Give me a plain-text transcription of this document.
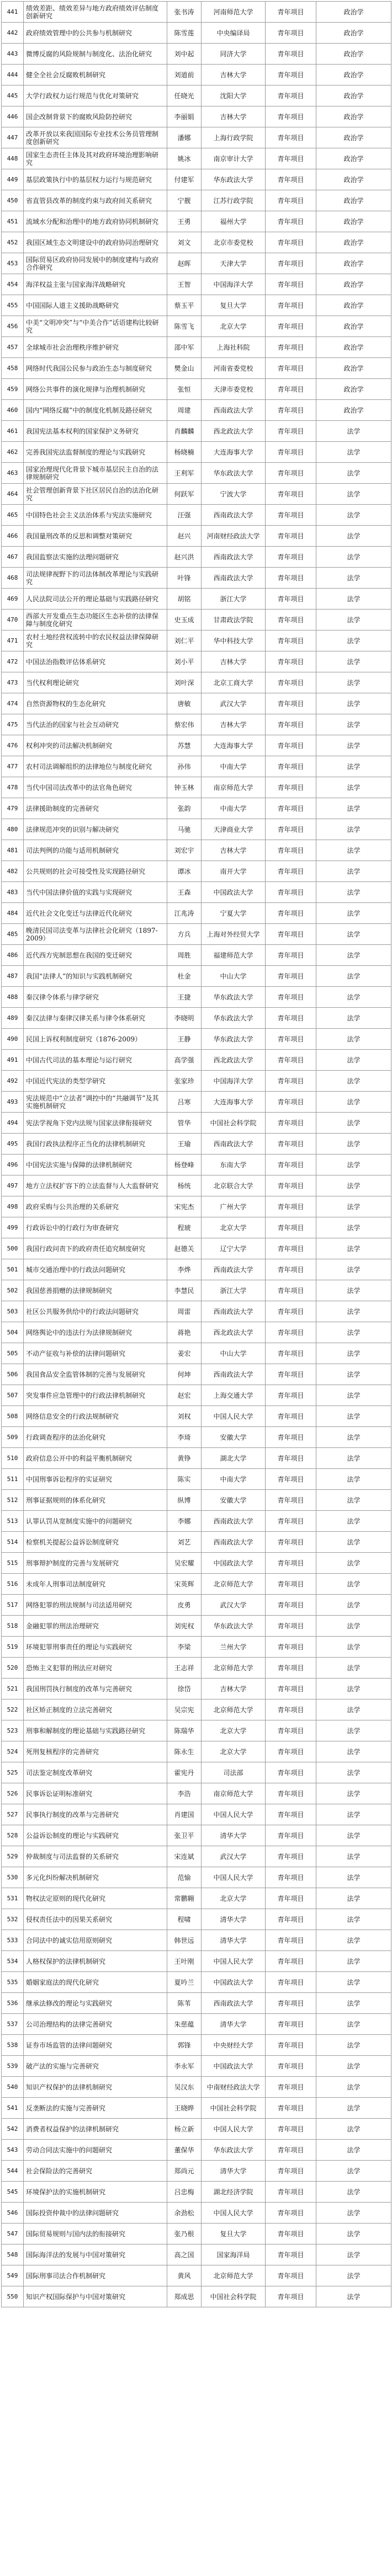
441	绩效差距、绩效差异与地方政府绩效评估制度创新研究	张书涛	河南师范大学	青年项目	政治学
442	政府绩效管理中的公共参与机制研究	陈雪莲	中央编译局	青年项目	政治学
443	微博反腐的风险规制与制度化、法治化研究	刘中起	同济大学	青年项目	政治学
444	健全全社会反腐败机制研究	刘道前	吉林大学	青年项目	政治学
445	大学行政权力运行规范与优化对策研究	任晓光	沈阳大学	青年项目	政治学
446	国企改制背景下的腐败风险防控研究	李丽娟	吉林大学	青年项目	政治学
447	改革开放以来我国国际专业技术公务员管理制度创新研究	潘娜	上海行政学院	青年项目	政治学
448	国家生态责任主体及其对政府环境治理影响研究	姚冰	南京审计大学	青年项目	政治学
449	基层政策执行中的基层权力运行与规范研究	付建军	华东政法大学	青年项目	政治学
450	省直管县改革的制度约束与政府间关系研究	宁靓	江苏行政学院	青年项目	政治学
451	流域水分配和治理中的地方政府协同机制研究	王勇	福州大学	青年项目	政治学
452	我国区域生态文明建设中的政府协同治理研究	刘文	北京市委党校	青年项目	政治学
453	国际贸易区政府协同发展中的制度建构与政府合作研究	赵晖	天津大学	青年项目	政治学
454	海洋权益主张与国家海洋战略研究	王智	中国海洋大学	青年项目	政治学
455	中国国际人道主义援助战略研究	蔡玉平	复旦大学	青年项目	政治学
456	中美“文明冲突”与“中美合作”话语建构比较研究	陈雪飞	北京大学	青年项目	政治学
457	全球城市社会治理秩序维护研究	邵中军	上海社科院	青年项目	政治学
458	网络时代我国公民参与政治生态与制度研究	樊金山	河南省委党校	青年项目	政治学
459	网络公共事件的演化规律与治理机制研究	张恒	天津市委党校	青年项目	政治学
460	国内“网络反腐”中的制度化机制及路径研究	周建	西南政法大学	青年项目	政治学
461	我国宪法基本权利的国家保护义务研究	肖麟麟	西北政法大学	青年项目	法学
462	完善我国宪法监督制度的理论与实践研究	杨晓楠	大连海事大学	青年项目	法学
463	国家治理现代化背景下城市基层民主自治的法律规制研究	王利军	华东政法大学	青年项目	法学
464	社会管理创新背景下社区居民自治的法治化研究	何跃军	宁波大学	青年项目	法学
465	中国特色社会主义法治体系与宪法实施研究	汪强	西南政法大学	青年项目	法学
466	我国量刑改革的反思和调整对策研究	赵兴	河南财经政法大学	青年项目	法学
467	我国监察法实施的法理问题研究	赵兴洪	西南政法大学	青年项目	法学
468	司法规律视野下的司法体制改革理论与实践研究	叶锋	西南政法大学	青年项目	法学
469	人民法院司法公开的理论基础与实践路径研究	胡铭	浙江大学	青年项目	法学
470	西部大开发重点生态功能区生态补偿的法律保障与制度化研究	史玉成	甘肃政法学院	青年项目	法学
471	农村土地经营权流转中的农民权益法律保障研究	刘仁平	华中科技大学	青年项目	法学
472	中国法治指数评估体系研究	刘小平	吉林大学	青年项目	法学
473	当代权利理论研究	刘叶深	北京工商大学	青年项目	法学
474	自然资源物权的生态化研究	唐敏	武汉大学	青年项目	法学
475	当代法治的国家与社会互动研究	蔡宏伟	吉林大学	青年项目	法学
476	权利冲突的司法解决机制研究	苏慧	大连海事大学	青年项目	法学
477	农村司法调解组织的法律地位与制度化研究	孙伟	中南大学	青年项目	法学
478	当代中国司法改革中的法官角色研究	钟玉林	南京师范大学	青年项目	法学
479	法律援助制度的完善研究	张韵	中南大学	青年项目	法学
480	法律规范冲突的识别与解决研究	马驰	天津商业大学	青年项目	法学
481	司法判例的功能与适用机制研究	刘宏宇	吉林大学	青年项目	法学
482	公共规则的社会可接受性及实现路径研究	谭冰	南开大学	青年项目	法学
483	当代中国法律价值的实践与实现研究	王森	中国政法大学	青年项目	法学
484	近代社会文化变迁与法律近代化研究	江兆涛	宁夏大学	青年项目	法学
485	晚清民国司法变革与法律社会化研究（1897-2009）	方兵	上海对外经贸大学	青年项目	法学
486	近代西方宪制思想在我国的变迁研究	周胜	福建师范大学	青年项目	法学
487	我国“法律人”的知识与实践机制研究	杜金	中山大学	青年项目	法学
488	秦汉律令体系与律学研究	王捷	华东政法大学	青年项目	法学
489	秦汉法律与秦律汉律关系与律令体系研究	李晓明	华东政法大学	青年项目	法学
490	民国上诉权利制度研究（1876-2009）	王静	华东政法大学	青年项目	法学
491	中国古代司法的基本理论与运行研究	高学强	西北政法大学	青年项目	法学
492	中国近代宪法的类型学研究	张家珍	中国海洋大学	青年项目	法学
493	宪法规范中“立法者”调控中的“共融调节”及其实施机制研究	吕寒	大连海事大学	青年项目	法学
494	宪法学视角下党内法规与国家法律衔接研究	管华	中国社会科学院	青年项目	法学
495	我国行政执法程序正当化的法律机制研究	王瑜	西南政法大学	青年项目	法学
496	中国宪法实施与保障的法律机制研究	杨登峰	东南大学	青年项目	法学
497	地方立法权扩容下的立法监督与人大监督研究	杨统	北京联合大学	青年项目	法学
498	政府采购与公共治理的关系研究	宋宪杰	广州大学	青年项目	法学
499	行政诉讼中的行政行为审查研究	程琥	北京大学	青年项目	法学
500	我国行政问责下的政府责任追究制度研究	赵德关	辽宁大学	青年项目	法学
501	城市交通治理中的行政法问题研究	李烨	西南政法大学	青年项目	法学
502	我国慈善捐赠的法律规制研究	李慧民	浙江大学	青年项目	法学
503	社区公共服务供给中的行政法问题研究	周雷	西南政法大学	青年项目	法学
504	网络舆论中的违法行为法律规制研究	蒋艳	西北政法大学	青年项目	法学
505	不动产征收与补偿的法律问题研究	姜宏	中山大学	青年项目	法学
506	我国食品安全监管体制的完善与发展研究	何坤	西南政法大学	青年项目	法学
507	突发事件应急管理中的行政法律机制研究	赵宏	上海交通大学	青年项目	法学
508	网络信息安全的行政法规制研究	刘权	中国人民大学	青年项目	法学
509	行政调查程序的法治化研究	李琦	安徽大学	青年项目	法学
510	政府信息公开中的利益平衡机制研究	黄铮	湖北大学	青年项目	法学
511	中国刑事诉讼程序的实证研究	陈实	中南大学	青年项目	法学
512	刑事证据规则的体系化研究	纵博	安徽大学	青年项目	法学
513	认罪认罚从宽制度实施中的问题研究	李娜	西南政法大学	青年项目	法学
514	检察机关提起公益诉讼制度研究	刘艺	西南政法大学	青年项目	法学
515	刑事辩护制度的完善与发展研究	吴宏耀	中国政法大学	青年项目	法学
516	未成年人刑事司法制度研究	宋英辉	北京师范大学	青年项目	法学
517	网络犯罪的刑法规制与司法适用研究	皮勇	武汉大学	青年项目	法学
518	金融犯罪的刑法治理研究	刘宪权	华东政法大学	青年项目	法学
519	环境犯罪刑事责任的理论与实践研究	李梁	兰州大学	青年项目	法学
520	恐怖主义犯罪的刑法应对研究	王志祥	北京师范大学	青年项目	法学
521	我国刑罚执行制度的改革与完善研究	徐岱	吉林大学	青年项目	法学
522	社区矫正制度的立法完善研究	吴宗宪	北京师范大学	青年项目	法学
523	刑事和解制度的理论基础与实践路径研究	陈瑞华	北京大学	青年项目	法学
524	死刑复核程序的完善研究	陈永生	北京大学	青年项目	法学
525	司法鉴定制度改革研究	霍宪丹	司法部	青年项目	法学
526	民事诉讼证明标准研究	李浩	南京师范大学	青年项目	法学
527	民事执行制度的改革与完善研究	肖建国	中国人民大学	青年项目	法学
528	公益诉讼制度的理论与实践研究	张卫平	清华大学	青年项目	法学
529	仲裁制度与司法监督的关系研究	宋连斌	武汉大学	青年项目	法学
530	多元化纠纷解决机制研究	范愉	中国人民大学	青年项目	法学
531	物权法定原则的现代化研究	常鹏翱	北京大学	青年项目	法学
532	侵权责任法中的因果关系研究	程啸	清华大学	青年项目	法学
533	合同法中的诚实信用原则研究	韩世远	清华大学	青年项目	法学
534	人格权保护的法律机制研究	王叶刚	中国人民大学	青年项目	法学
535	婚姻家庭法的现代化研究	夏吟兰	中国政法大学	青年项目	法学
536	继承法修改的理论与实践研究	陈苇	西南政法大学	青年项目	法学
537	公司治理结构的法律完善研究	朱慈蕴	清华大学	青年项目	法学
538	证券市场监管的法律问题研究	郭锋	中央财经大学	青年项目	法学
539	破产法的实施与完善研究	李永军	中国政法大学	青年项目	法学
540	知识产权保护的法律机制研究	吴汉东	中南财经政法大学	青年项目	法学
541	反垄断法的实施与完善研究	王晓晔	中国社会科学院	青年项目	法学
542	消费者权益保护的法律机制研究	杨立新	中国人民大学	青年项目	法学
543	劳动合同法实施中的问题研究	董保华	华东政法大学	青年项目	法学
544	社会保险法的完善研究	郑尚元	清华大学	青年项目	法学
545	环境保护法的实施机制研究	吕忠梅	湖北经济学院	青年项目	法学
546	国际投资仲裁中的法律问题研究	余劲松	中国人民大学	青年项目	法学
547	国际贸易规则与国内法的衔接研究	张乃根	复旦大学	青年项目	法学
548	国际海洋法的发展与中国对策研究	高之国	国家海洋局	青年项目	法学
549	国际刑事司法合作机制研究	黄风	北京师范大学	青年项目	法学
550	知识产权国际保护与中国对策研究	郑成思	中国社会科学院	青年项目	法学
